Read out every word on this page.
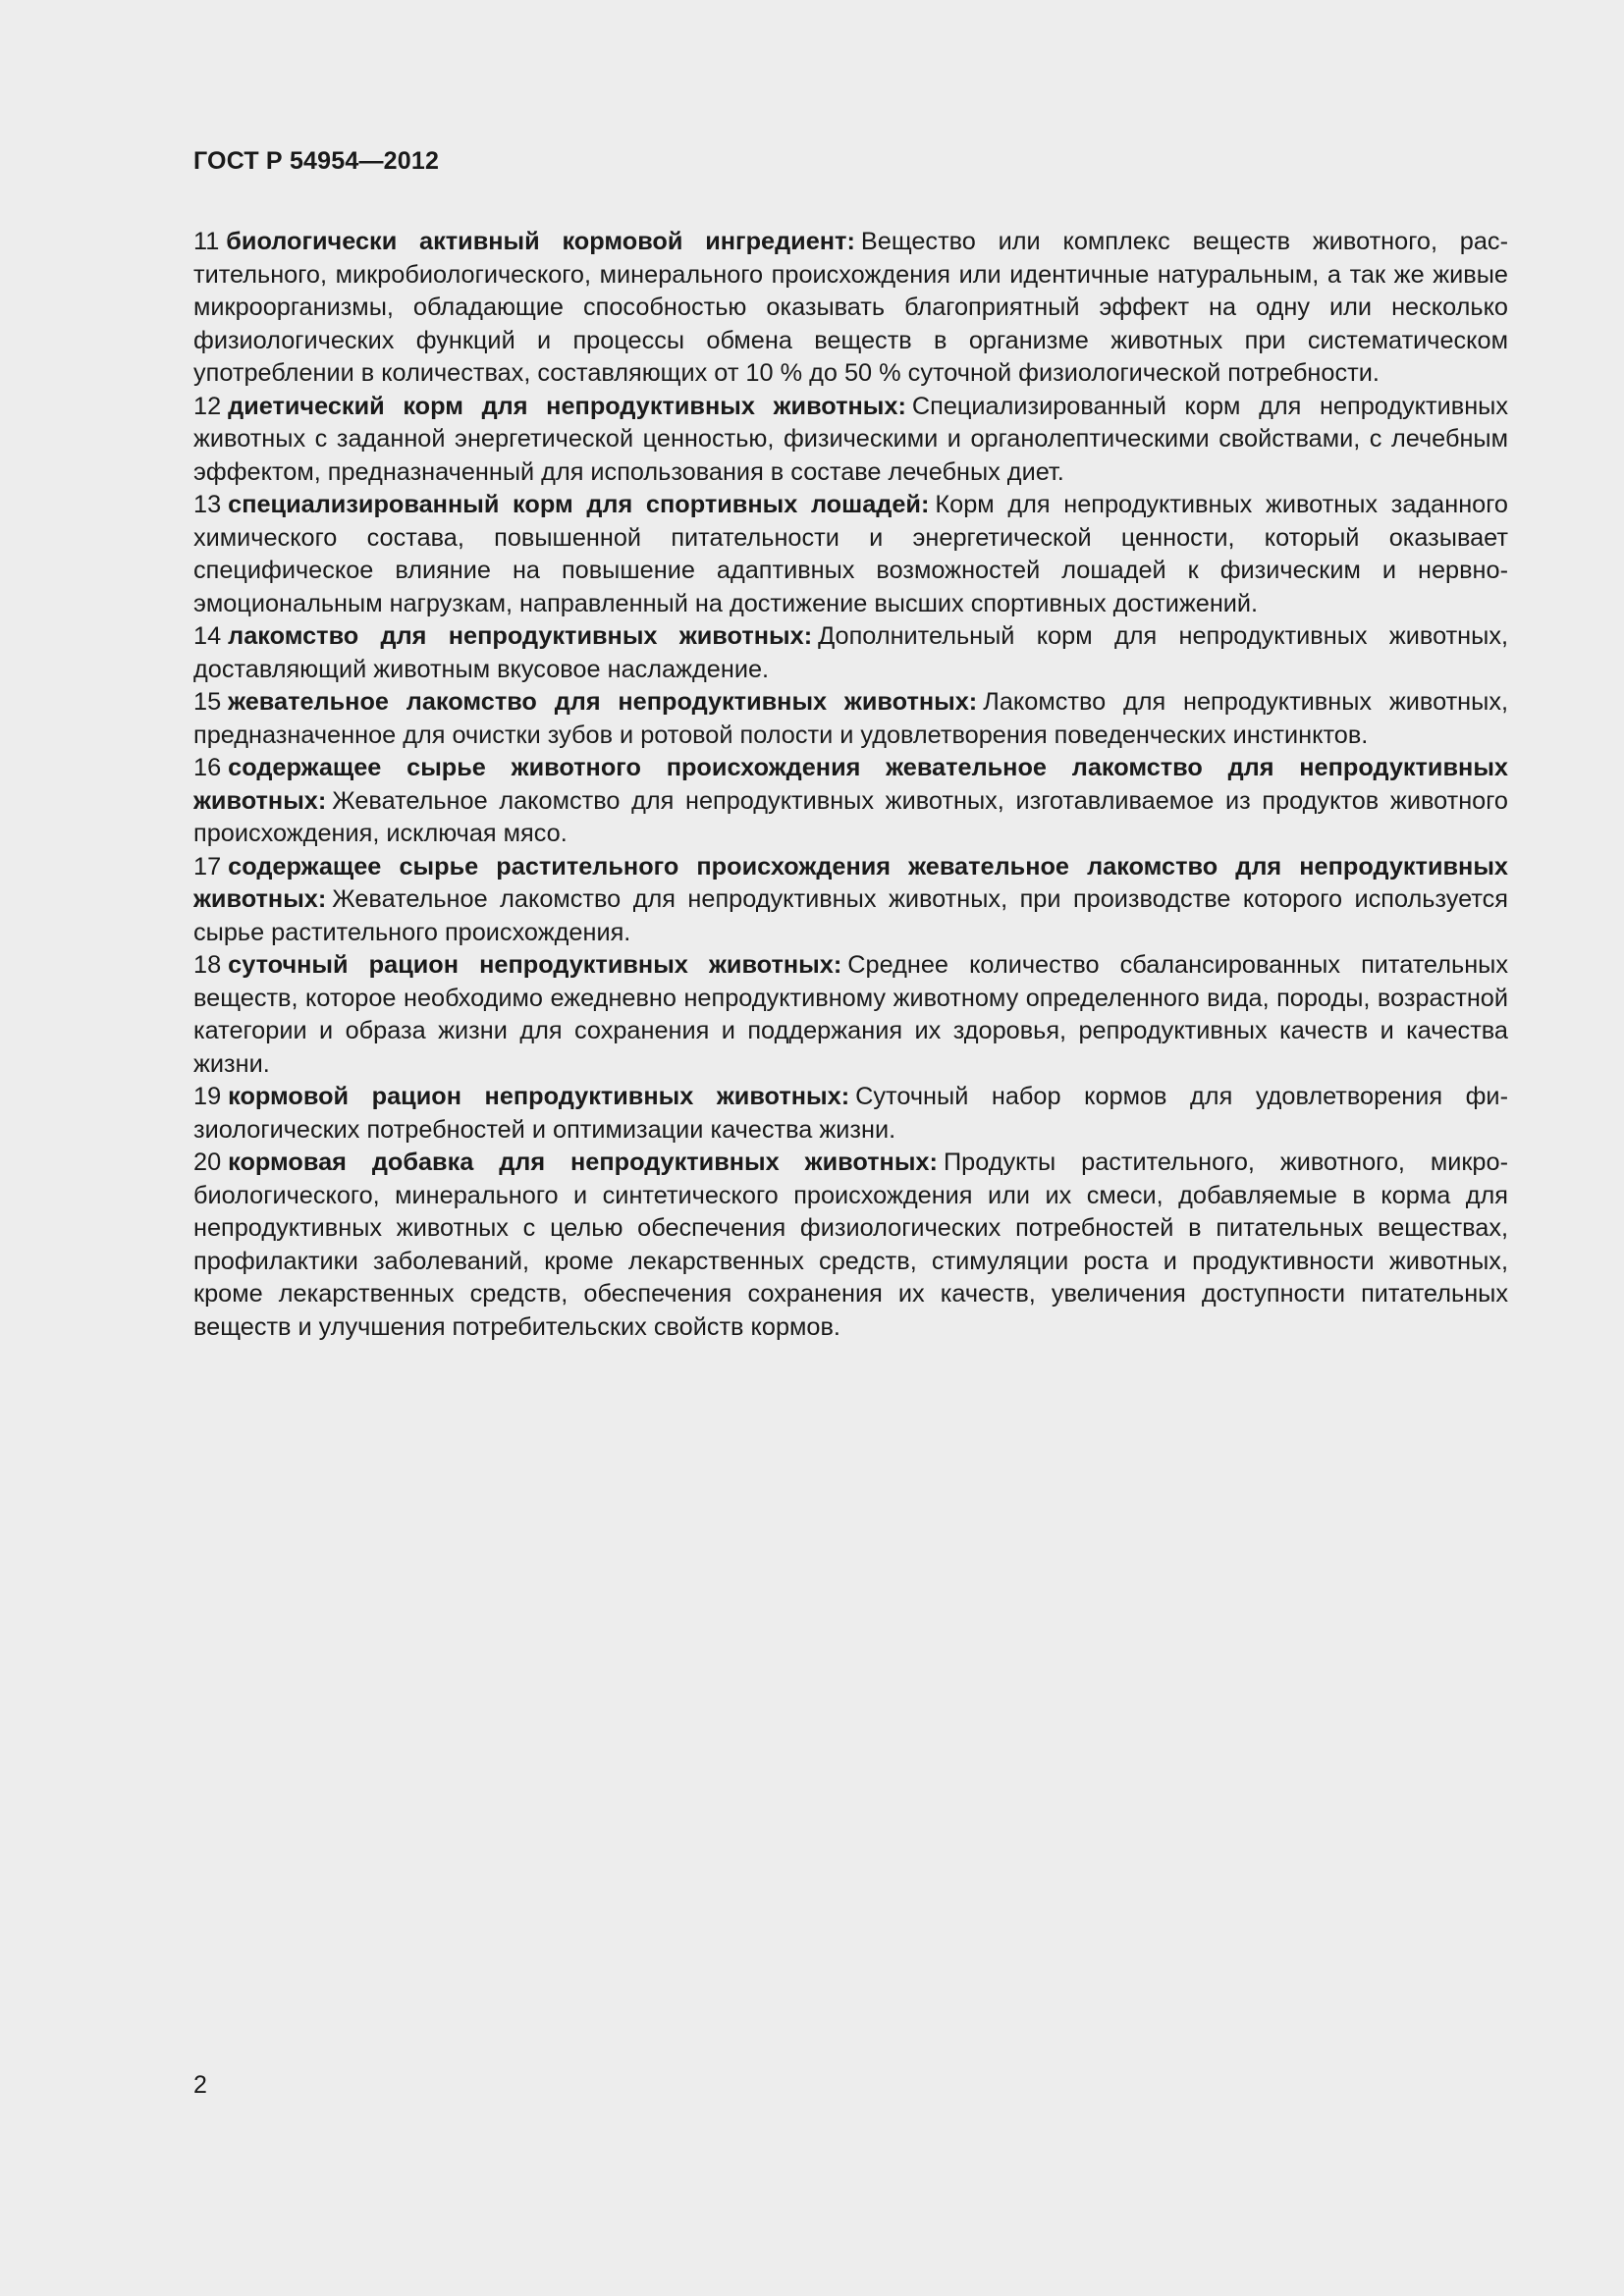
ГОСТ Р 54954—2012

11 биологически активный кормовой ингредиент: Вещество или комплекс веществ животного, растительного, микробиологического, минерального происхождения или идентичные натуральным, а так же живые микроорганизмы, обладающие способностью оказывать благоприятный эффект на одну или несколько физиологических функций и процессы обмена веществ в организме животных при систематическом употреблении в количествах, составляющих от 10 % до 50 % суточной физиологической потребности.

12 диетический корм для непродуктивных животных: Специализированный корм для непродуктивных животных с заданной энергетической ценностью, физическими и органолептическими свойствами, с лечебным эффектом, предназначенный для использования в составе лечебных диет.

13 специализированный корм для спортивных лошадей: Корм для непродуктивных животных заданного химического состава, повышенной питательности и энергетической ценности, который оказывает специфическое влияние на повышение адаптивных возможностей лошадей к физическим и нервно-эмоциональным нагрузкам, направленный на достижение высших спортивных достижений.

14 лакомство для непродуктивных животных: Дополнительный корм для непродуктивных животных, доставляющий животным вкусовое наслаждение.

15 жевательное лакомство для непродуктивных животных: Лакомство для непродуктивных животных, предназначенное для очистки зубов и ротовой полости и удовлетворения поведенческих инстинктов.

16 содержащее сырье животного происхождения жевательное лакомство для непродуктивных животных: Жевательное лакомство для непродуктивных животных, изготавливаемое из продуктов животного происхождения, исключая мясо.

17 содержащее сырье растительного происхождения жевательное лакомство для непродуктивных животных: Жевательное лакомство для непродуктивных животных, при производстве которого используется сырье растительного происхождения.

18 суточный рацион непродуктивных животных: Среднее количество сбалансированных питательных веществ, которое необходимо ежедневно непродуктивному животному определенного вида, породы, возрастной категории и образа жизни для сохранения и поддержания их здоровья, репродуктивных качеств и качества жизни.

19 кормовой рацион непродуктивных животных: Суточный набор кормов для удовлетворения физиологических потребностей и оптимизации качества жизни.

20 кормовая добавка для непродуктивных животных: Продукты растительного, животного, микробиологического, минерального и синтетического происхождения или их смеси, добавляемые в корма для непродуктивных животных с целью обеспечения физиологических потребностей в питательных веществах, профилактики заболеваний, кроме лекарственных средств, стимуляции роста и продуктивности животных, кроме лекарственных средств, обеспечения сохранения их качеств, увеличения доступности питательных веществ и улучшения потребительских свойств кормов.

2
